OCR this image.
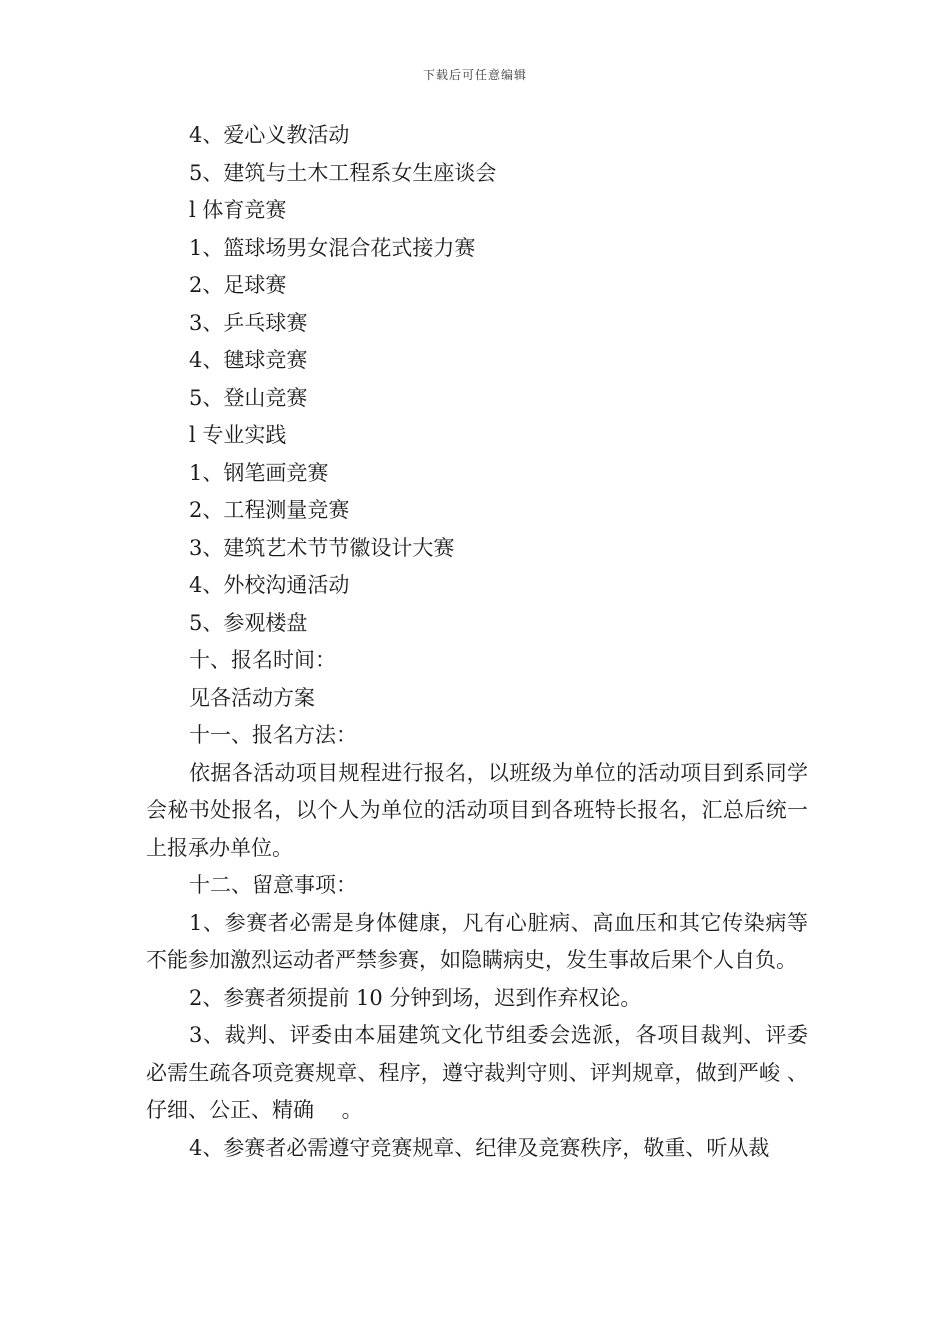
下载后可任意编辑
4、爱心义教活动
5、建筑与土木工程系女生座谈会
l 体育竞赛
1、篮球场男女混合花式接力赛
2、足球赛
3、乒乓球赛
4、毽球竞赛
5、登山竞赛
l 专业实践
1、钢笔画竞赛
2、工程测量竞赛
3、建筑艺术节节徽设计大赛
4、外校沟通活动
5、参观楼盘
十、报名时间：
见各活动方案
十一、报名方法：

依据各活动项目规程进行报名，以班级为单位的活动项目到系同学会秘书处报名，以个人为单位的活动项目到各班特长报名，汇总后统一上报承办单位。

十二、留意事项：

1、参赛者必需是身体健康，凡有心脏病、高血压和其它传染病等不能参加激烈运动者严禁参赛，如隐瞒病史，发生事故后果个人自负。

2、参赛者须提前 10 分钟到场，迟到作弃权论。

3、裁判、评委由本届建筑文化节组委会选派，各项目裁判、评委必需生疏各项竞赛规章、程序，遵守裁判守则、评判规章，做到严峻 、仔细、公正、精确 　。

4、参赛者必需遵守竞赛规章、纪律及竞赛秩序，敬重、听从裁
